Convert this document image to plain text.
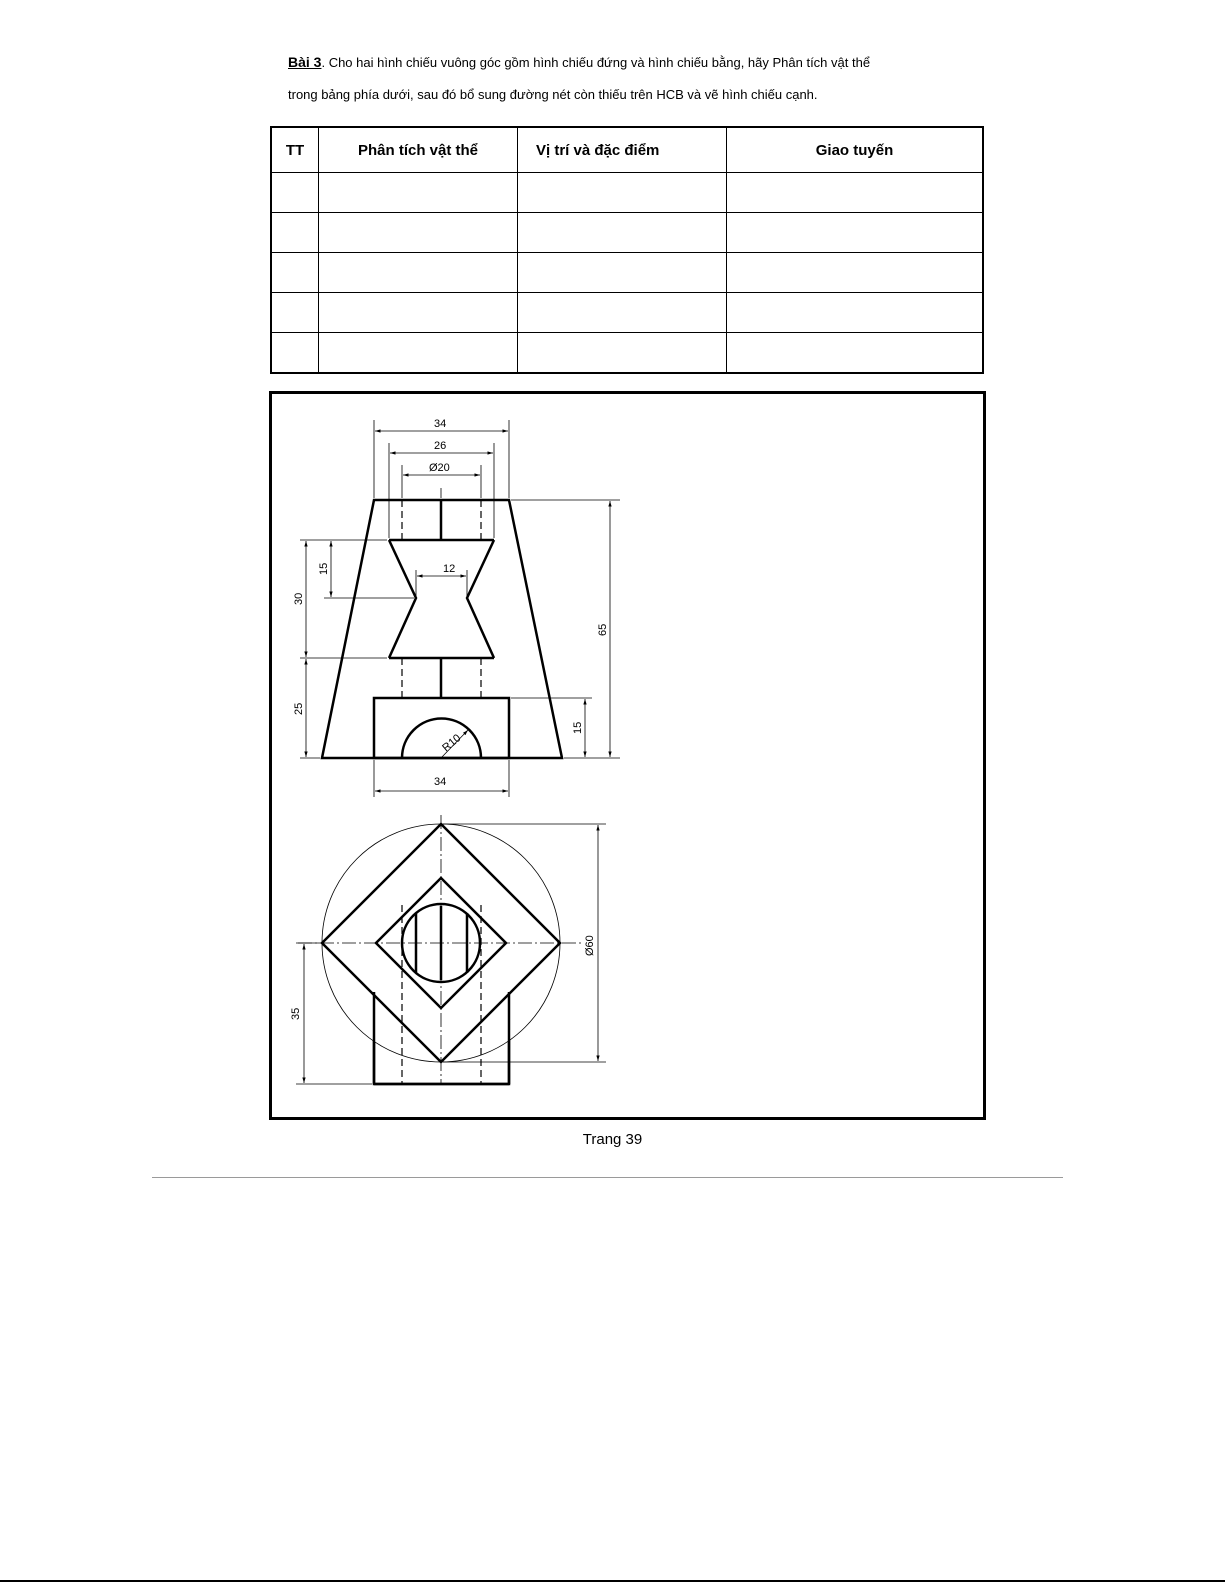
Bài 3. Cho hai hình chiếu vuông góc gồm hình chiếu đứng và hình chiếu bằng, hãy Phân tích vật thể
trong bảng phía dưới, sau đó bổ sung đường nét còn thiếu trên HCB và vẽ hình chiếu cạnh.
TT	Phân tích vật thể	Vị trí và đặc điểm	Giao tuyến

R10
34
26
Ø20
12
15
30
25
65
15
34
Ø60
35
Trang 39
